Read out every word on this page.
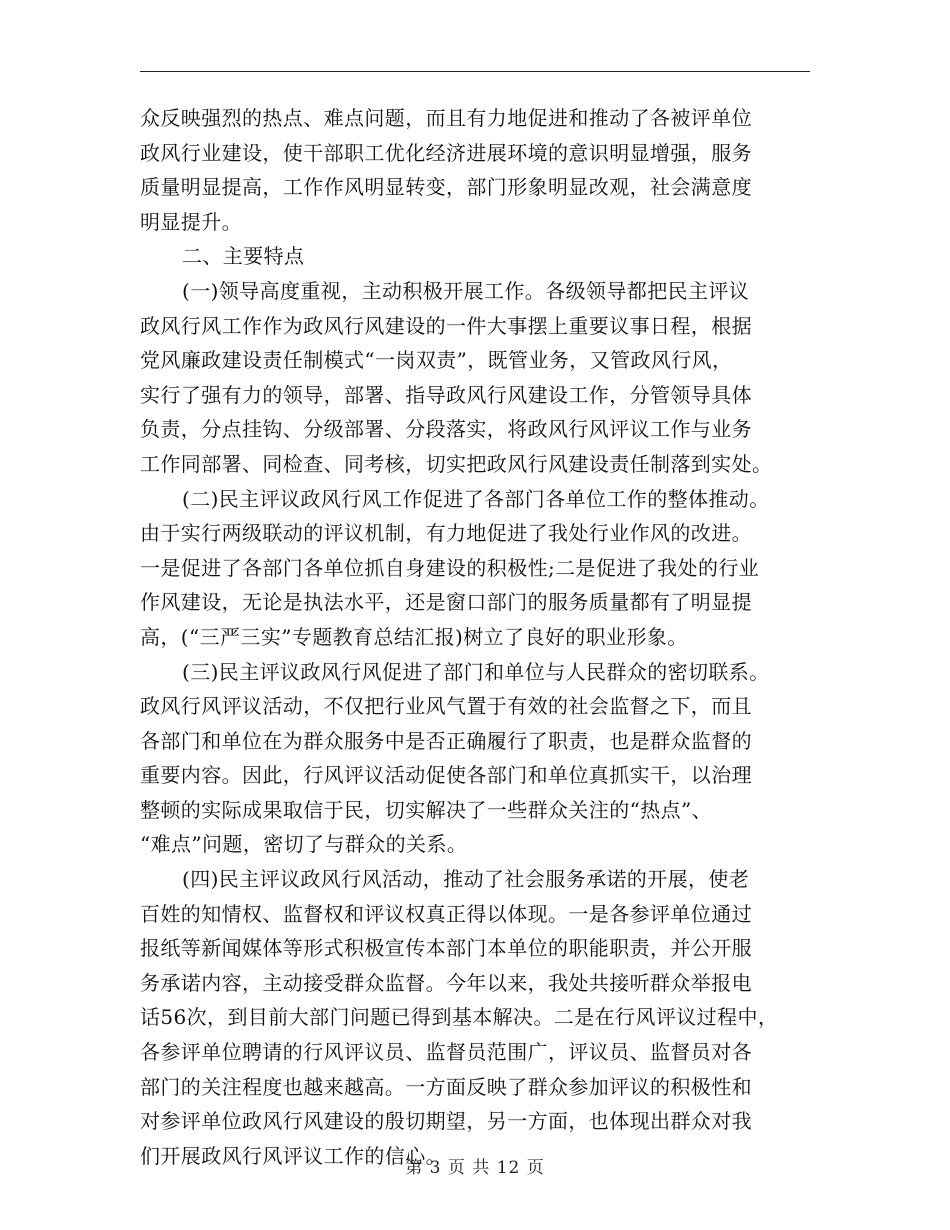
众反映强烈的热点、难点问题，而且有力地促进和推动了各被评单位
政风行业建设，使干部职工优化经济进展环境的意识明显增强，服务
质量明显提高，工作作风明显转变，部门形象明显改观，社会满意度
明显提升。
二、主要特点
(一)领导高度重视，主动积极开展工作。各级领导都把民主评议
政风行风工作作为政风行风建设的一件大事摆上重要议事日程，根据
党风廉政建设责任制模式“一岗双责”，既管业务，又管政风行风，
实行了强有力的领导，部署、指导政风行风建设工作，分管领导具体
负责，分点挂钩、分级部署、分段落实，将政风行风评议工作与业务
工作同部署、同检查、同考核，切实把政风行风建设责任制落到实处。
(二)民主评议政风行风工作促进了各部门各单位工作的整体推动。
由于实行两级联动的评议机制，有力地促进了我处行业作风的改进。
一是促进了各部门各单位抓自身建设的积极性;二是促进了我处的行业
作风建设，无论是执法水平，还是窗口部门的服务质量都有了明显提
高，(“三严三实”专题教育总结汇报)树立了良好的职业形象。
(三)民主评议政风行风促进了部门和单位与人民群众的密切联系。
政风行风评议活动，不仅把行业风气置于有效的社会监督之下，而且
各部门和单位在为群众服务中是否正确履行了职责，也是群众监督的
重要内容。因此，行风评议活动促使各部门和单位真抓实干，以治理
整顿的实际成果取信于民，切实解决了一些群众关注的“热点”、
“难点”问题，密切了与群众的关系。
(四)民主评议政风行风活动，推动了社会服务承诺的开展，使老
百姓的知情权、监督权和评议权真正得以体现。一是各参评单位通过
报纸等新闻媒体等形式积极宣传本部门本单位的职能职责，并公开服
务承诺内容，主动接受群众监督。今年以来，我处共接听群众举报电
话56次，到目前大部门问题已得到基本解决。二是在行风评议过程中，
各参评单位聘请的行风评议员、监督员范围广，评议员、监督员对各
部门的关注程度也越来越高。一方面反映了群众参加评议的积极性和
对参评单位政风行风建设的殷切期望，另一方面，也体现出群众对我
们开展政风行风评议工作的信心。
第 3 页 共 12 页
